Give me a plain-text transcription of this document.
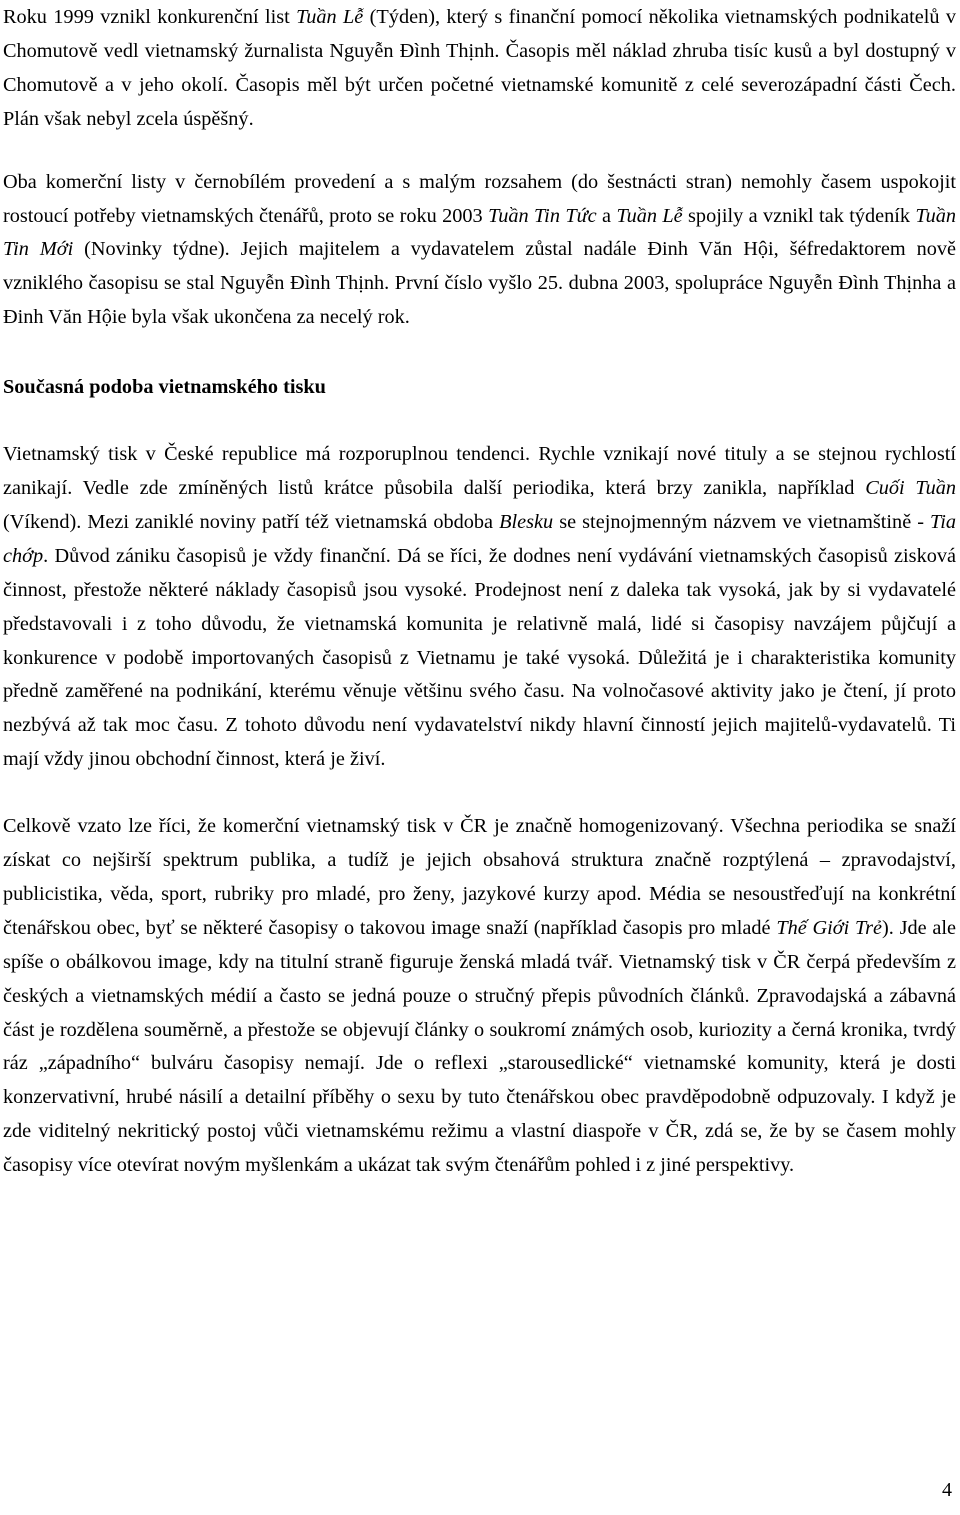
Roku 1999 vznikl konkurenční list Tuần Lễ (Týden), který s finanční pomocí několika vietnamských podnikatelů v Chomutově vedl vietnamský žurnalista Nguyễn Đình Thịnh. Časopis měl náklad zhruba tisíc kusů a byl dostupný v Chomutově a v jeho okolí. Časopis měl být určen početné vietnamské komunitě z celé severozápadní části Čech. Plán však nebyl zcela úspěšný.

Oba komerční listy v černobílém provedení a s malým rozsahem (do šestnácti stran) nemohly časem uspokojit rostoucí potřeby vietnamských čtenářů, proto se roku 2003 Tuần Tin Tức a Tuần Lễ spojily a vznikl tak týdeník Tuần Tin Mới (Novinky týdne). Jejich majitelem a vydavatelem zůstal nadále Đinh Văn Hội, šéfredaktorem nově vzniklého časopisu se stal Nguyễn Đình Thịnh. První číslo vyšlo 25. dubna 2003, spolupráce Nguyễn Đình Thịnha a Đinh Văn Hộie byla však ukončena za necelý rok.

Současná podoba vietnamského tisku

Vietnamský tisk v České republice má rozporuplnou tendenci. Rychle vznikají nové tituly a se stejnou rychlostí zanikají. Vedle zde zmíněných listů krátce působila další periodika, která brzy zanikla, například Cuối Tuần (Víkend). Mezi zaniklé noviny patří též vietnamská obdoba Blesku se stejnojmenným názvem ve vietnamštině - Tia chớp. Důvod zániku časopisů je vždy finanční. Dá se říci, že dodnes není vydávání vietnamských časopisů zisková činnost, přestože některé náklady časopisů jsou vysoké. Prodejnost není z daleka tak vysoká, jak by si vydavatelé představovali i z toho důvodu, že vietnamská komunita je relativně malá, lidé si časopisy navzájem půjčují a konkurence v podobě importovaných časopisů z Vietnamu je také vysoká. Důležitá je i charakteristika komunity předně zaměřené na podnikání, kterému věnuje většinu svého času. Na volnočasové aktivity jako je čtení, jí proto nezbývá až tak moc času. Z tohoto důvodu není vydavatelství nikdy hlavní činností jejich majitelů-vydavatelů. Ti mají vždy jinou obchodní činnost, která je živí.

Celkově vzato lze říci, že komerční vietnamský tisk v ČR je značně homogenizovaný. Všechna periodika se snaží získat co nejširší spektrum publika, a tudíž je jejich obsahová struktura značně rozptýlená – zpravodajství, publicistika, věda, sport, rubriky pro mladé, pro ženy, jazykové kurzy apod. Média se nesoustřeďují na konkrétní čtenářskou obec, byť se některé časopisy o takovou image snaží (například časopis pro mladé Thế Giới Trẻ). Jde ale spíše o obálkovou image, kdy na titulní straně figuruje ženská mladá tvář. Vietnamský tisk v ČR čerpá především z českých a vietnamských médií a často se jedná pouze o stručný přepis původních článků. Zpravodajská a zábavná část je rozdělena souměrně, a přestože se objevují články o soukromí známých osob, kuriozity a černá kronika, tvrdý ráz „západního“ bulváru časopisy nemají. Jde o reflexi „starousedlické“ vietnamské komunity, která je dosti konzervativní, hrubé násilí a detailní příběhy o sexu by tuto čtenářskou obec pravděpodobně odpuzovaly. I když je zde viditelný nekritický postoj vůči vietnamskému režimu a vlastní diaspoře v ČR, zdá se, že by se časem mohly časopisy více otevírat novým myšlenkám a ukázat tak svým čtenářům pohled i z jiné perspektivy.

4
